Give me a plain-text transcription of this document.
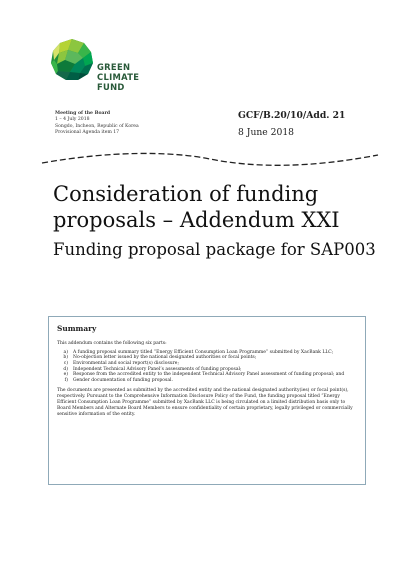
GREEN
CLIMATE
FUND
Meeting of the Board
1 – 4 July 2018
Songdo, Incheon, Republic of Korea
Provisional Agenda item 17
GCF/B.20/10/Add. 21
8 June 2018
Consideration of funding proposals – Addendum XXI
Funding proposal package for SAP003
Summary
This addendum contains the following six parts:
a)	A funding proposal summary titled “Energy Efficient Consumption Loan Programme” submitted by XacBank LLC;
b)	No-objection letter issued by the national designated authorities or focal points;
c)	Environmental and social report(s) disclosure;
d)	Independent Technical Advisory Panel’s assessments of funding proposal;
e)	Response from the accredited entity to the independent Technical Advisory Panel assessment of funding proposal; and
f)	Gender documentation of funding proposal.
The documents are presented as submitted by the accredited entity and the national designated authority(ies) or focal point(s), respectively. Pursuant to the Comprehensive Information Disclosure Policy of the Fund, the funding proposal titled “Energy Efficient Consumption Loan Programme” submitted by XacBank LLC is being circulated on a limited distribution basis only to Board Members and Alternate Board Members to ensure confidentiality of certain proprietary, legally privileged or commercially sensitive information of the entity.
